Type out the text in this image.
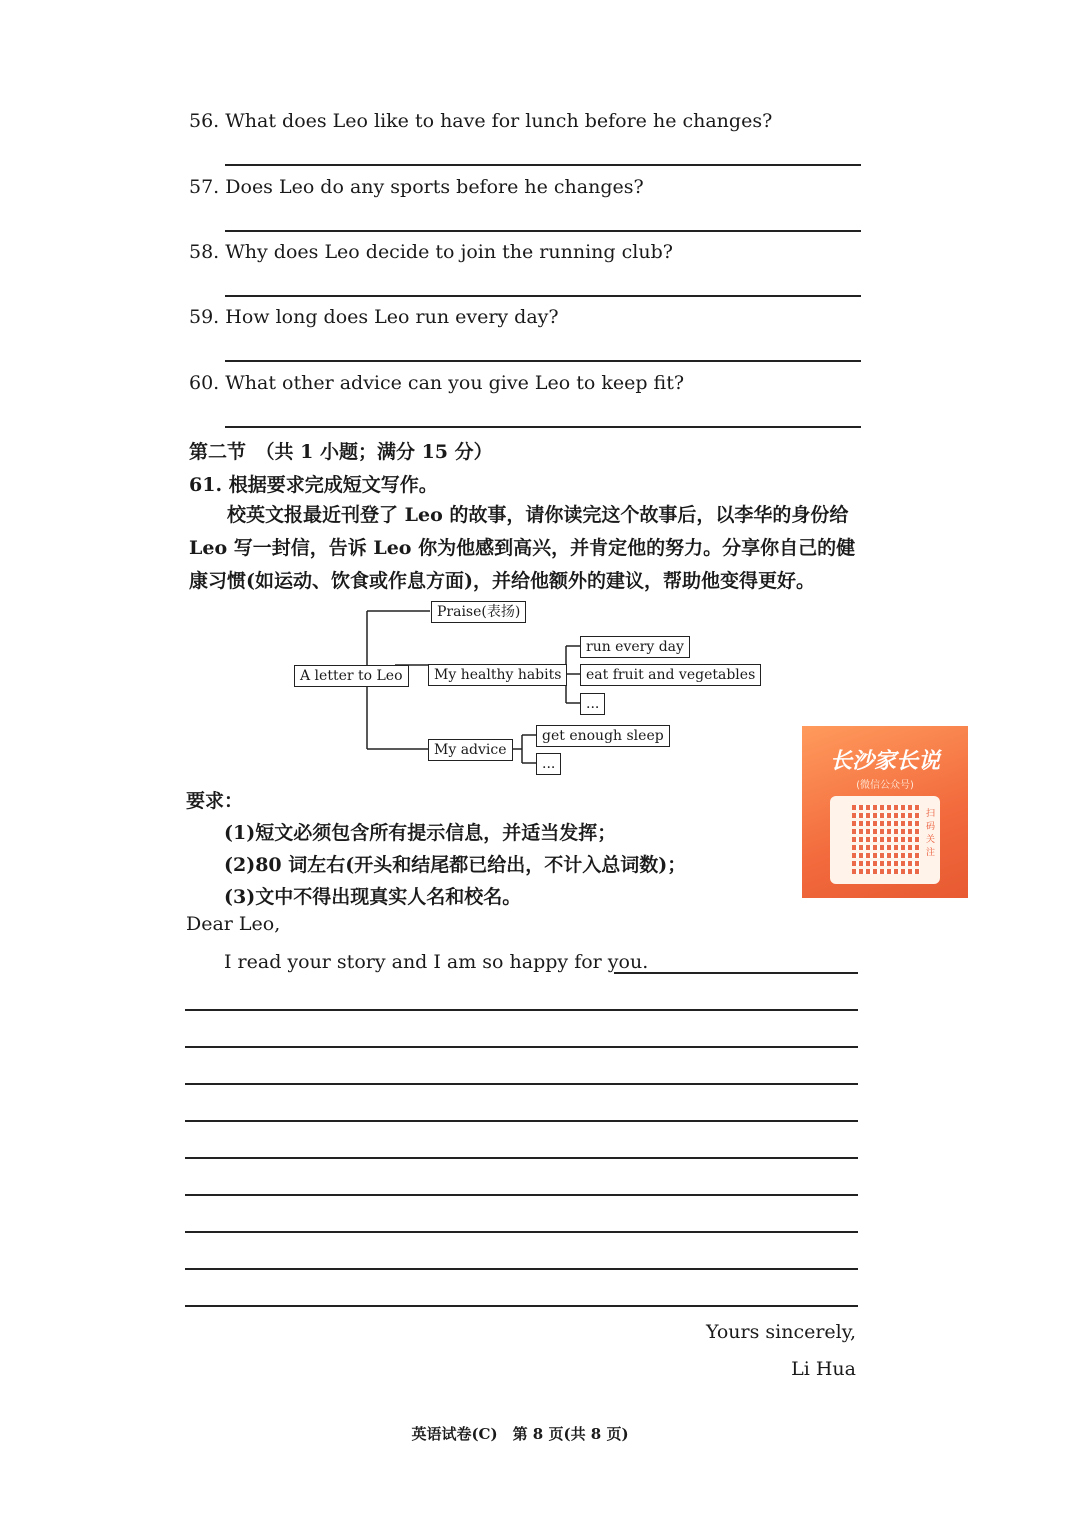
56. What does Leo like to have for lunch before he changes?
57. Does Leo do any sports before he changes?
58. Why does Leo decide to join the running club?
59. How long does Leo run every day?
60. What other advice can you give Leo to keep fit?
第二节　（共 1 小题；满分 15 分）
61. 根据要求完成短文写作。
校英文报最近刊登了 Leo 的故事，请你读完这个故事后，以李华的身份给 Leo 写一封信，告诉 Leo 你为他感到高兴，并肯定他的努力。分享你自己的健康习惯(如运动、饮食或作息方面)，并给他额外的建议，帮助他变得更好。
A letter to Leo
Praise(表扬)
My healthy habits
run every day
eat fruit and vegetables
...
My advice
get enough sleep
...	长沙家长说
(微信公众号)
扫码关注
要求：
(1)短文必须包含所有提示信息，并适当发挥；
(2)80 词左右(开头和结尾都已给出，不计入总词数)；
(3)文中不得出现真实人名和校名。
Dear Leo,
I read your story and I am so happy for you.
Yours sincerely,
Li Hua
英语试卷(C)　第 8 页(共 8 页)
